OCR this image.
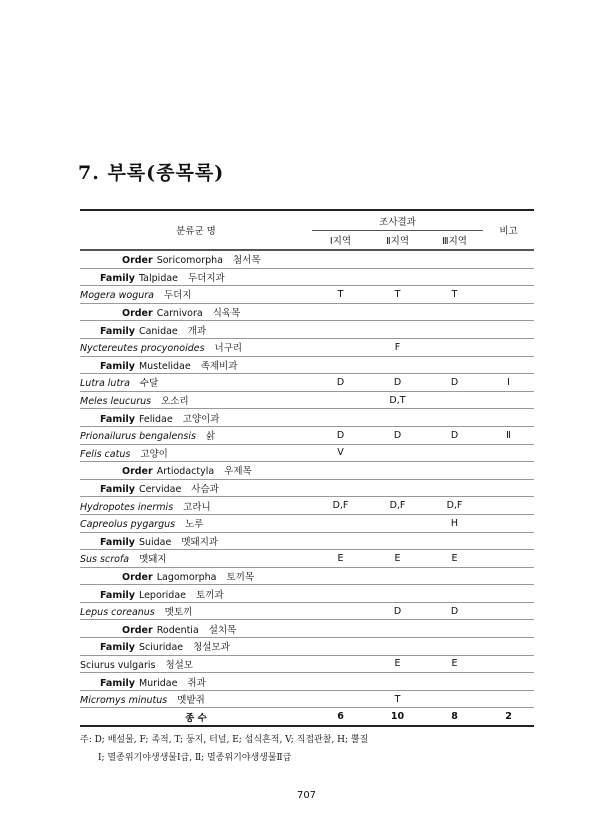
7. 부록(종목록)
분류군 명	조사결과			비고
	Ⅰ지역	Ⅱ지역	Ⅲ지역	
Order Soricomorpha 첨서목				
Family Talpidae 두더지과				
Mogera wogura 두더지	T	T	T	
Order Carnivora 식육목				
Family Canidae 개과				
Nyctereutes procyonoides 너구리		F		
Family Mustelidae 족제비과				
Lutra lutra 수달	D	D	D	Ⅰ
Meles leucurus 오소리		D,T		
Family Felidae 고양이과				
Prionailurus bengalensis 삵	D	D	D	Ⅱ
Felis catus 고양이	V			
Order Artiodactyla 우제목				
Family Cervidae 사슴과				
Hydropotes inermis 고라니	D,F	D,F	D,F	
Capreolus pygargus 노루			H	
Family Suidae 멧돼지과				
Sus scrofa 멧돼지	E	E	E	
Order Lagomorpha 토끼목				
Family Leporidae 토끼과				
Lepus coreanus 멧토끼		D	D	
Order Rodentia 설치목				
Family Sciuridae 청설모과				
Sciurus vulgaris 청설모		E	E	
Family Muridae 쥐과				
Micromys minutus 멧밭쥐		T		
종 수	6	10	8	2
주: D; 배설물, F; 족적, T; 둥지, 터널, E; 섭식흔적, V; 직접관찰, H; 뿔질
Ⅰ; 멸종위기야생생물Ⅰ급, Ⅱ; 멸종위기야생생물Ⅱ급
707
